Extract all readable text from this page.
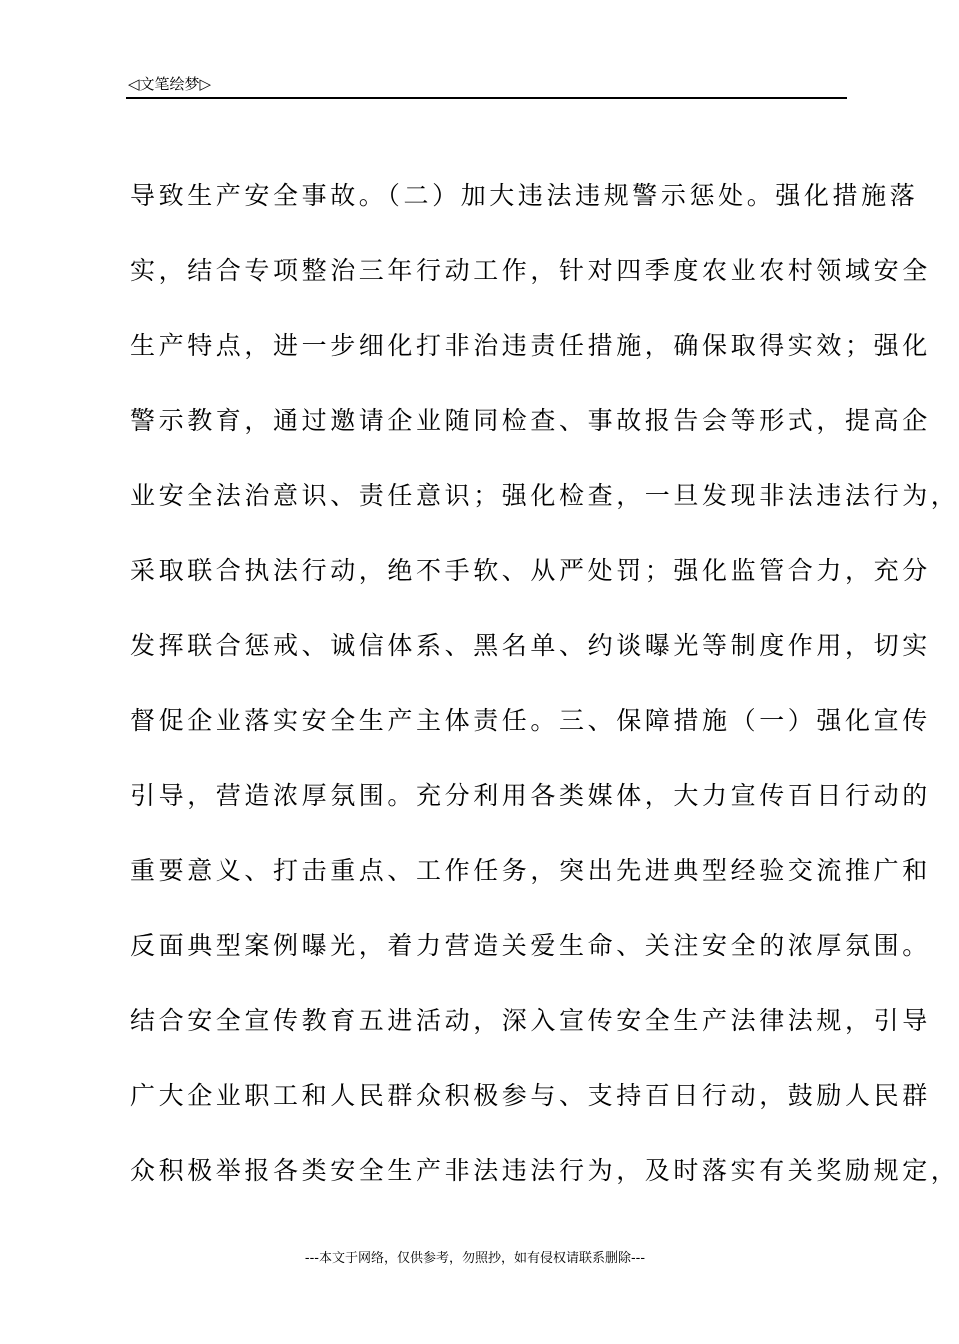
◁文笔绘梦▷
导致生产安全事故。（二）加大违法违规警示惩处。强化措施落
实，结合专项整治三年行动工作，针对四季度农业农村领域安全
生产特点，进一步细化打非治违责任措施，确保取得实效；强化
警示教育，通过邀请企业随同检查、事故报告会等形式，提高企
业安全法治意识、责任意识；强化检查，一旦发现非法违法行为，
采取联合执法行动，绝不手软、从严处罚；强化监管合力，充分
发挥联合惩戒、诚信体系、黑名单、约谈曝光等制度作用，切实
督促企业落实安全生产主体责任。三、保障措施（一）强化宣传
引导，营造浓厚氛围。充分利用各类媒体，大力宣传百日行动的
重要意义、打击重点、工作任务，突出先进典型经验交流推广和
反面典型案例曝光，着力营造关爱生命、关注安全的浓厚氛围。
结合安全宣传教育五进活动，深入宣传安全生产法律法规，引导
广大企业职工和人民群众积极参与、支持百日行动，鼓励人民群
众积极举报各类安全生产非法违法行为，及时落实有关奖励规定，
---本文于网络，仅供参考，勿照抄，如有侵权请联系删除---
